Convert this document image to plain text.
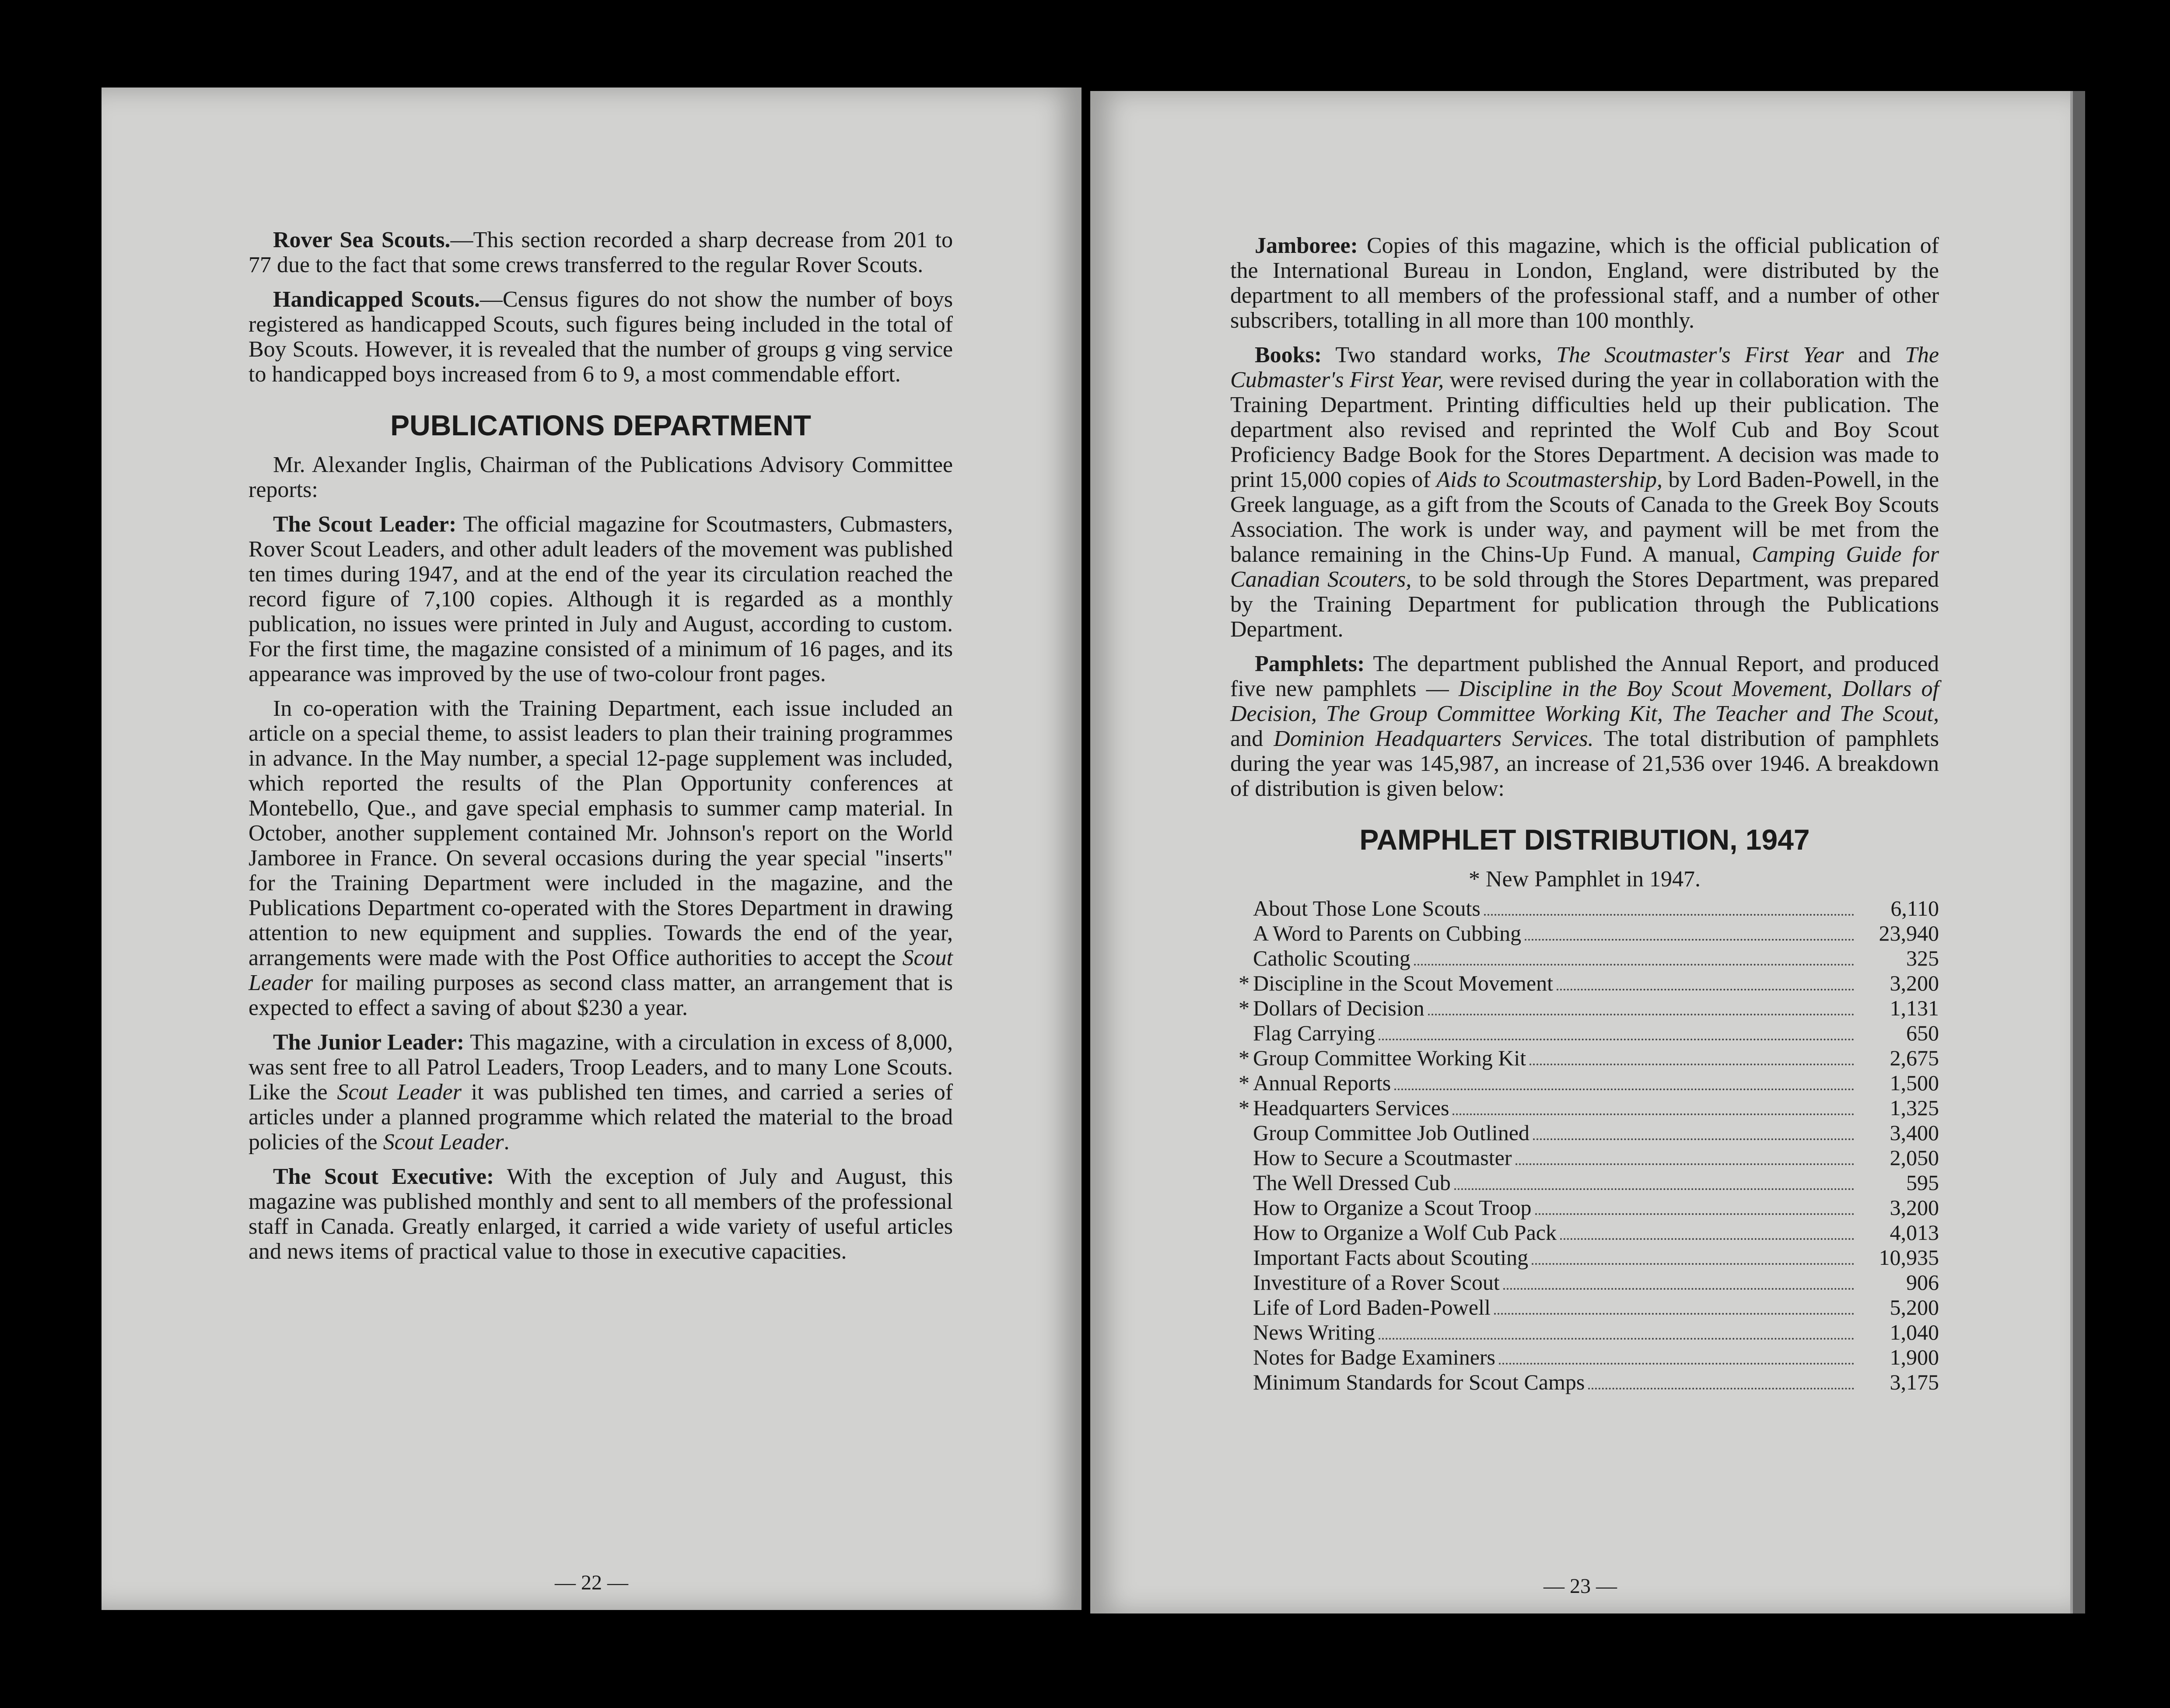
Rover Sea Scouts.—This section recorded a sharp decrease from 201 to 77 due to the fact that some crews transferred to the regular Rover Scouts.

Handicapped Scouts.—Census figures do not show the number of boys registered as handicapped Scouts, such figures being included in the total of Boy Scouts. However, it is revealed that the number of groups g ving service to handicapped boys increased from 6 to 9, a most commendable effort.

PUBLICATIONS DEPARTMENT

Mr. Alexander Inglis, Chairman of the Publications Advisory Committee reports:

The Scout Leader: The official magazine for Scoutmasters, Cubmasters, Rover Scout Leaders, and other adult leaders of the movement was published ten times during 1947, and at the end of the year its circulation reached the record figure of 7,100 copies. Although it is regarded as a monthly publication, no issues were printed in July and August, according to custom. For the first time, the magazine consisted of a minimum of 16 pages, and its appearance was improved by the use of two-colour front pages.

In co-operation with the Training Department, each issue included an article on a special theme, to assist leaders to plan their training programmes in advance. In the May number, a special 12-page supplement was included, which reported the results of the Plan Opportunity conferences at Montebello, Que., and gave special emphasis to summer camp material. In October, another supplement contained Mr. Johnson's report on the World Jamboree in France. On several occasions during the year special "inserts" for the Training Department were included in the magazine, and the Publications Department co-operated with the Stores Department in drawing attention to new equipment and supplies. Towards the end of the year, arrangements were made with the Post Office authorities to accept the Scout Leader for mailing purposes as second class matter, an arrangement that is expected to effect a saving of about $230 a year.

The Junior Leader: This magazine, with a circulation in excess of 8,000, was sent free to all Patrol Leaders, Troop Leaders, and to many Lone Scouts. Like the Scout Leader it was published ten times, and carried a series of articles under a planned programme which related the material to the broad policies of the Scout Leader.

The Scout Executive: With the exception of July and August, this magazine was published monthly and sent to all members of the professional staff in Canada. Greatly enlarged, it carried a wide variety of useful articles and news items of practical value to those in executive capacities.

— 22 —

Jamboree: Copies of this magazine, which is the official publication of the International Bureau in London, England, were distributed by the department to all members of the professional staff, and a number of other subscribers, totalling in all more than 100 monthly.

Books: Two standard works, The Scoutmaster's First Year and The Cubmaster's First Year, were revised during the year in collaboration with the Training Department. Printing difficulties held up their publication. The department also revised and reprinted the Wolf Cub and Boy Scout Proficiency Badge Book for the Stores Department. A decision was made to print 15,000 copies of Aids to Scoutmastership, by Lord Baden-Powell, in the Greek language, as a gift from the Scouts of Canada to the Greek Boy Scouts Association. The work is under way, and payment will be met from the balance remaining in the Chins-Up Fund. A manual, Camping Guide for Canadian Scouters, to be sold through the Stores Department, was prepared by the Training Department for publication through the Publications Department.

Pamphlets: The department published the Annual Report, and produced five new pamphlets — Discipline in the Boy Scout Movement, Dollars of Decision, The Group Committee Working Kit, The Teacher and The Scout, and Dominion Headquarters Services. The total distribution of pamphlets during the year was 145,987, an increase of 21,536 over 1946. A breakdown of distribution is given below:

PAMPHLET DISTRIBUTION, 1947

* New Pamphlet in 1947.

About Those Lone Scouts	6,110
A Word to Parents on Cubbing	23,940
Catholic Scouting	325
* Discipline in the Scout Movement	3,200
* Dollars of Decision	1,131
Flag Carrying	650
* Group Committee Working Kit	2,675
* Annual Reports	1,500
* Headquarters Services	1,325
Group Committee Job Outlined	3,400
How to Secure a Scoutmaster	2,050
The Well Dressed Cub	595
How to Organize a Scout Troop	3,200
How to Organize a Wolf Cub Pack	4,013
Important Facts about Scouting	10,935
Investiture of a Rover Scout	906
Life of Lord Baden-Powell	5,200
News Writing	1,040
Notes for Badge Examiners	1,900
Minimum Standards for Scout Camps	3,175
— 23 —
